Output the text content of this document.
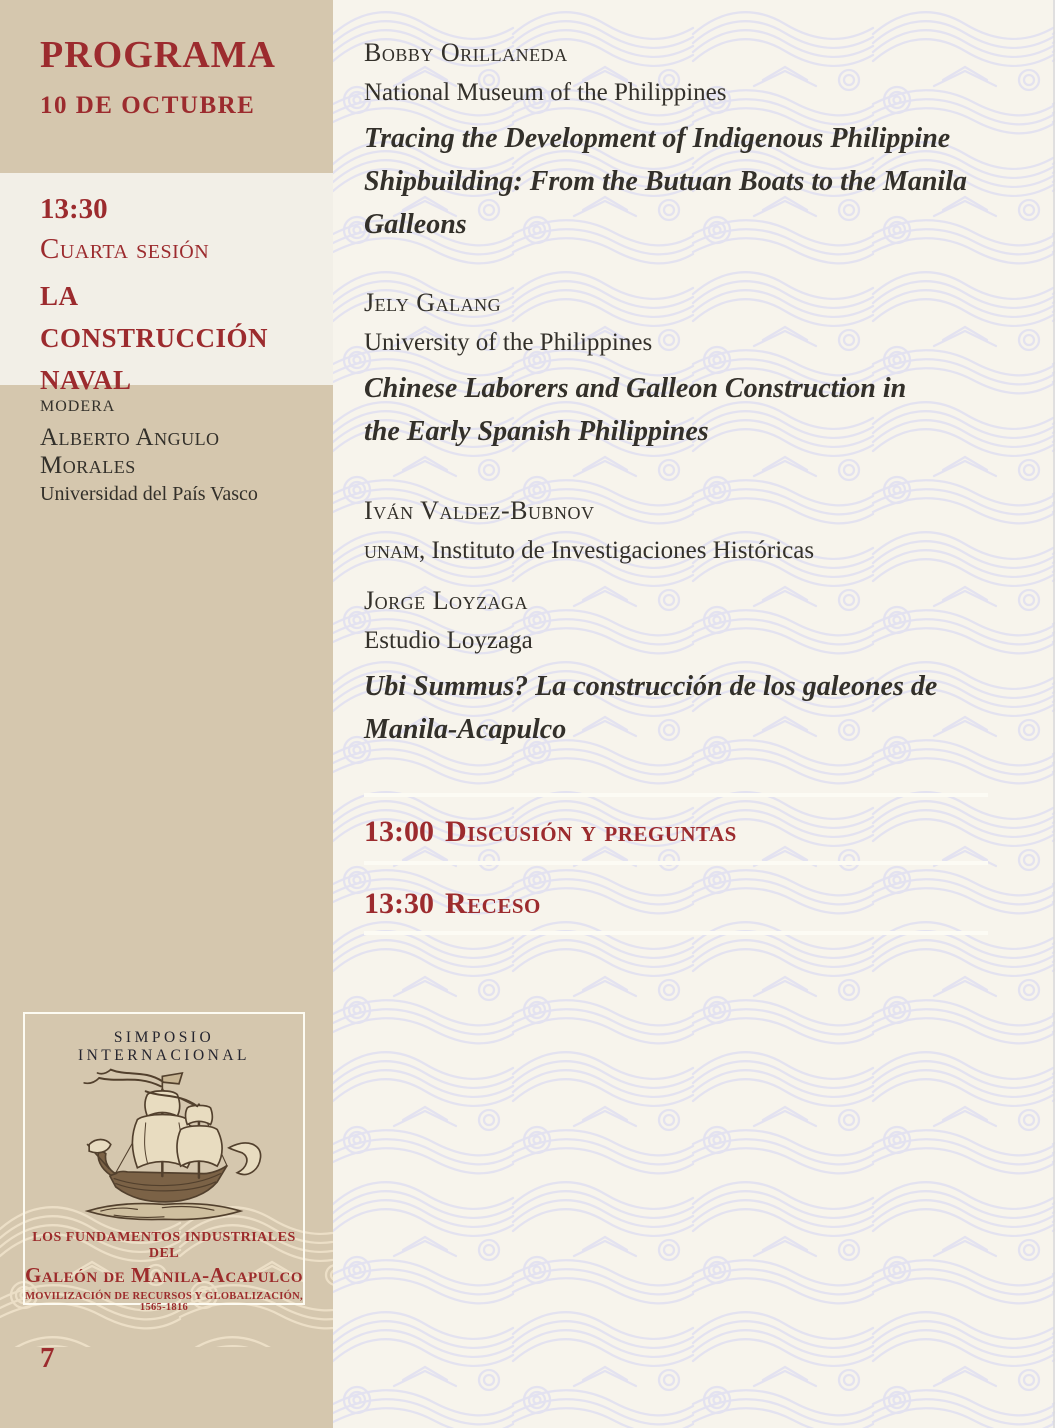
PROGRAMA
10 DE OCTUBRE
13:30
Cuarta sesión
LA CONSTRUCCIÓN NAVAL
MODERA
Alberto Angulo Morales
Universidad del País Vasco
SIMPOSIO INTERNACIONAL
LOS FUNDAMENTOS INDUSTRIALES DEL
Galeón de Manila-Acapulco
MOVILIZACIÓN DE RECURSOS Y GLOBALIZACIÓN, 1565-1816
7

Bobby Orillaneda

National Museum of the Philippines

Tracing the Development of Indigenous Philippine Shipbuilding: From the Butuan Boats to the Manila Galleons

Jely Galang

University of the Philippines

Chinese Laborers and Galleon Construction in the Early Spanish Philippines

Iván Valdez-Bubnov

unam, Instituto de Investigaciones Históricas

Jorge Loyzaga

Estudio Loyzaga

Ubi Summus? La construcción de los galeones de Manila-Acapulco

13:00 Discusión y preguntas
13:30 Receso
